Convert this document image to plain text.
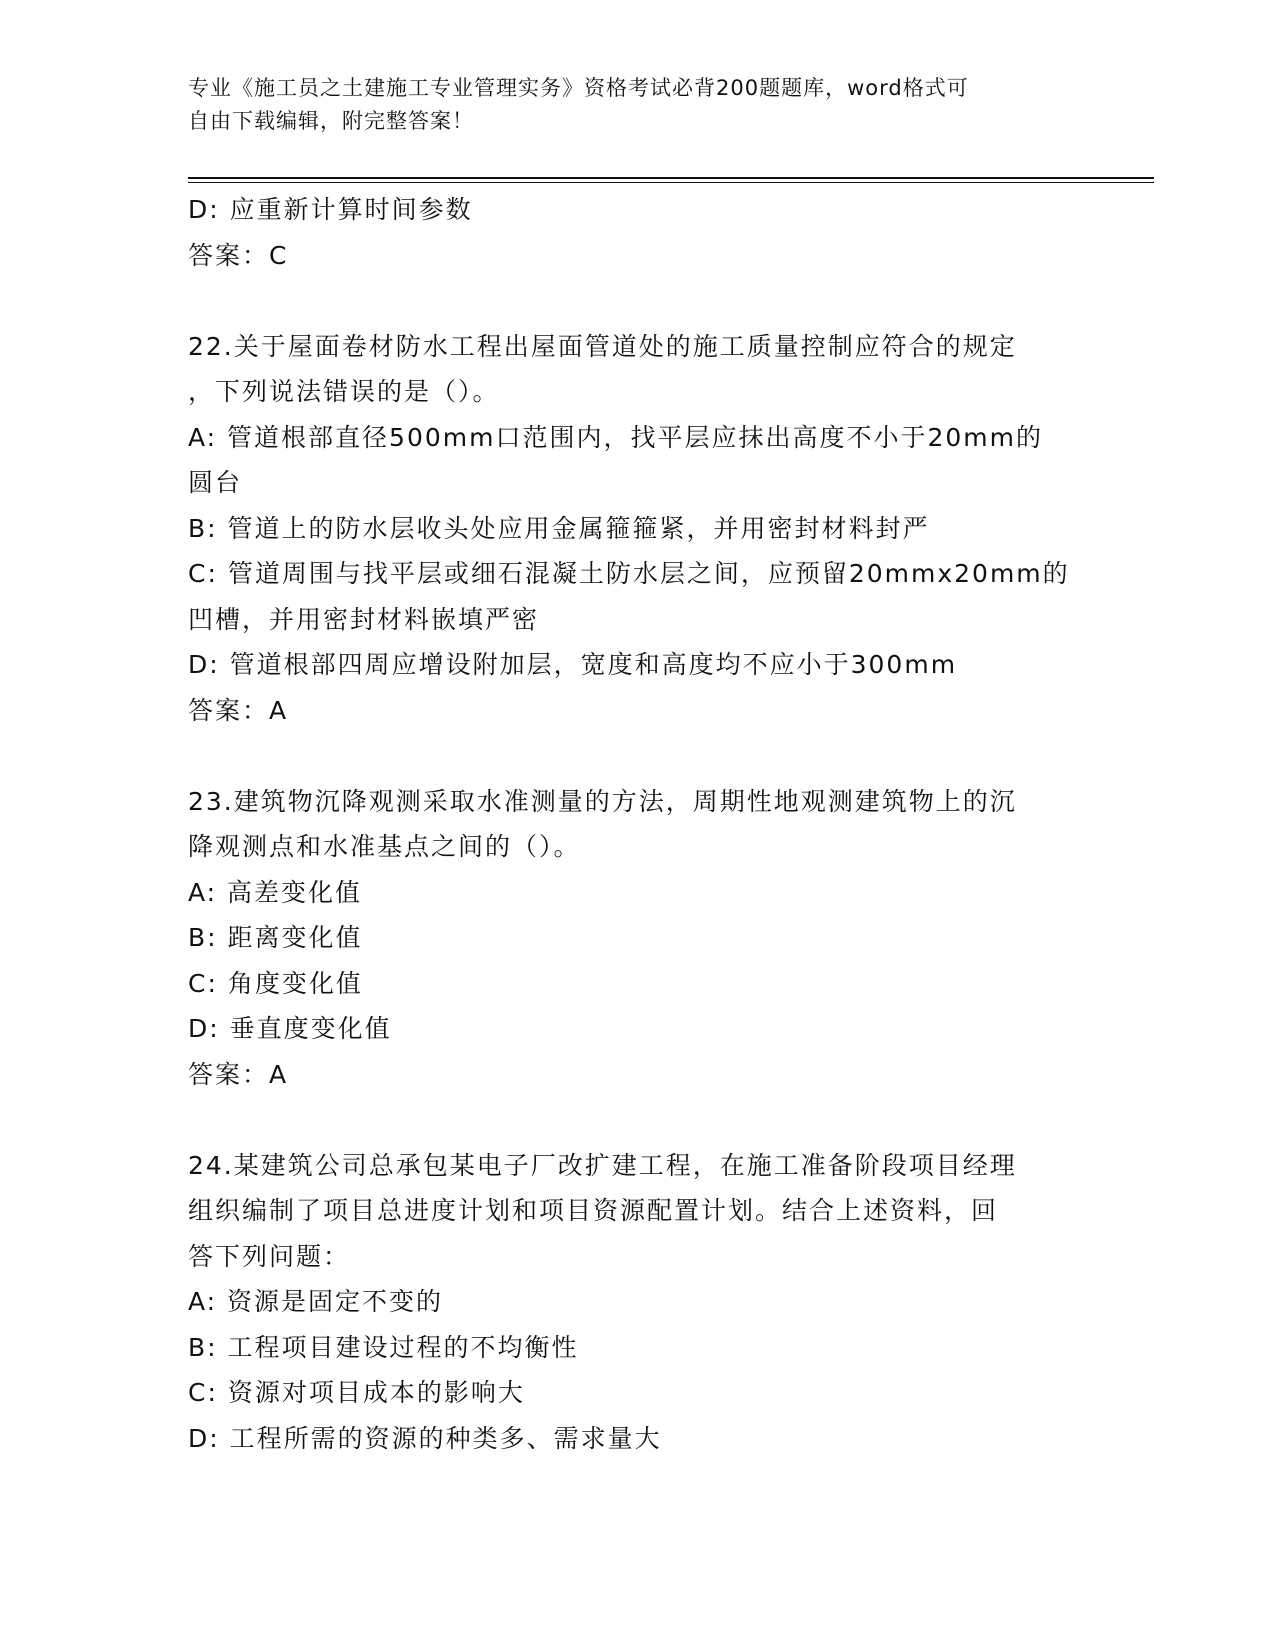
专业《施工员之土建施工专业管理实务》资格考试必背200题题库，word格式可
自由下载编辑，附完整答案！
D: 应重新计算时间参数
答案：C
22.关于屋面卷材防水工程出屋面管道处的施工质量控制应符合的规定
，下列说法错误的是（）。
A: 管道根部直径500mm口范围内，找平层应抹出高度不小于20mm的
圆台
B: 管道上的防水层收头处应用金属箍箍紧，并用密封材料封严
C: 管道周围与找平层或细石混凝土防水层之间，应预留20mmx20mm的
凹槽，并用密封材料嵌填严密
D: 管道根部四周应增设附加层，宽度和高度均不应小于300mm
答案：A
23.建筑物沉降观测采取水准测量的方法，周期性地观测建筑物上的沉
降观测点和水准基点之间的（）。
A: 高差变化值
B: 距离变化值
C: 角度变化值
D: 垂直度变化值
答案：A
24.某建筑公司总承包某电子厂改扩建工程，在施工准备阶段项目经理
组织编制了项目总进度计划和项目资源配置计划。结合上述资料，回
答下列问题：
A: 资源是固定不变的
B: 工程项目建设过程的不均衡性
C: 资源对项目成本的影响大
D: 工程所需的资源的种类多、需求量大
